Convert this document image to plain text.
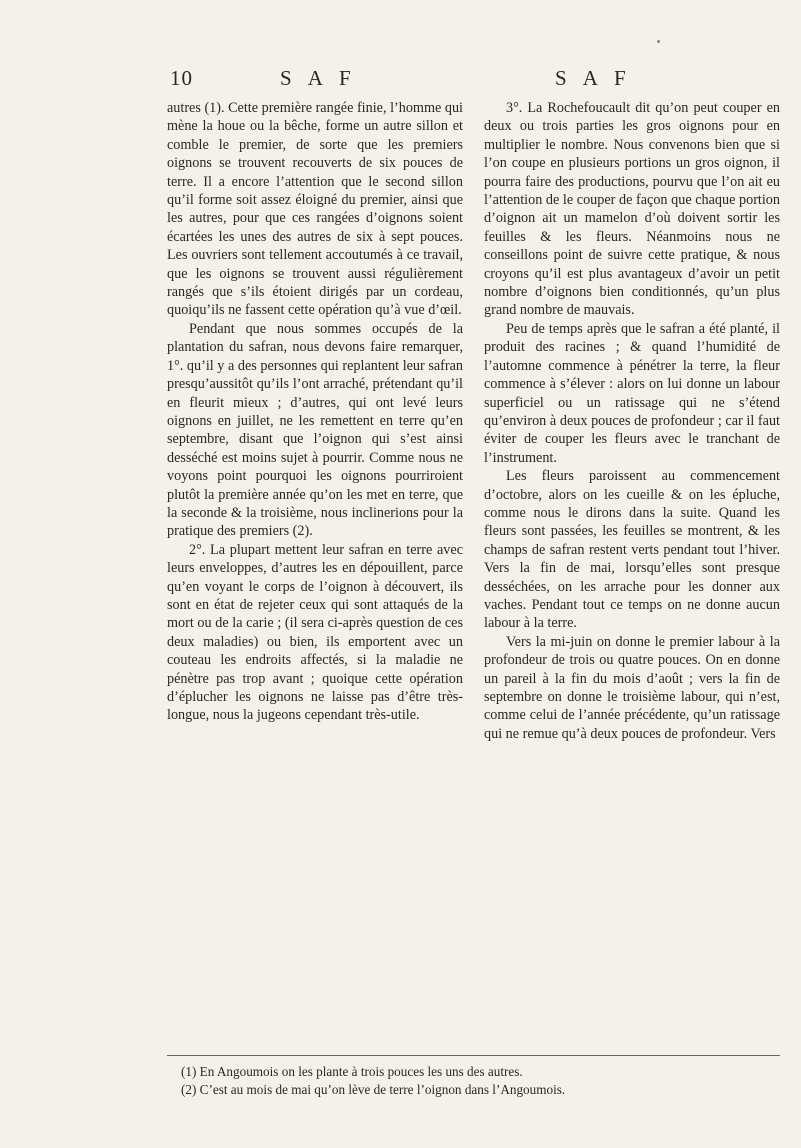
10	S A F	S A F

autres (1). Cette première rangée finie, l’homme qui mène la houe ou la bêche, forme un autre sillon et comble le premier, de sorte que les premiers oignons se trouvent recouverts de six pouces de terre. Il a encore l’attention que le second sillon qu’il forme soit assez éloigné du premier, ainsi que les autres, pour que ces rangées d’oignons soient écartées les unes des autres de six à sept pouces. Les ouvriers sont tellement accoutumés à ce travail, que les oignons se trouvent aussi régulièrement rangés que s’ils étoient dirigés par un cordeau, quoiqu’ils ne fassent cette opération qu’à vue d’œil.

Pendant que nous sommes occupés de la plantation du safran, nous devons faire remarquer, 1°. qu’il y a des personnes qui replantent leur safran presqu’aussitôt qu’ils l’ont arraché, prétendant qu’il en fleurit mieux ; d’autres, qui ont levé leurs oignons en juillet, ne les remettent en terre qu’en septembre, disant que l’oignon qui s’est ainsi desséché est moins sujet à pourrir. Comme nous ne voyons point pourquoi les oignons pourriroient plutôt la première année qu’on les met en terre, que la seconde & la troisième, nous inclinerions pour la pratique des premiers (2).

2°. La plupart mettent leur safran en terre avec leurs enveloppes, d’autres les en dépouillent, parce qu’en voyant le corps de l’oignon à découvert, ils sont en état de rejeter ceux qui sont attaqués de la mort ou de la carie ; (il sera ci-après question de ces deux maladies) ou bien, ils emportent avec un couteau les endroits affectés, si la maladie ne pénètre pas trop avant ; quoique cette opération d’éplucher les oignons ne laisse pas d’être très-longue, nous la jugeons cependant très-utile.

3°. La Rochefoucault dit qu’on peut couper en deux ou trois parties les gros oignons pour en multiplier le nombre. Nous convenons bien que si l’on coupe en plusieurs portions un gros oignon, il pourra faire des productions, pourvu que l’on ait eu l’attention de le couper de façon que chaque portion d’oignon ait un mamelon d’où doivent sortir les feuilles & les fleurs. Néanmoins nous ne conseillons point de suivre cette pratique, & nous croyons qu’il est plus avantageux d’avoir un petit nombre d’oignons bien conditionnés, qu’un plus grand nombre de mauvais.

Peu de temps après que le safran a été planté, il produit des racines ; & quand l’humidité de l’automne commence à pénétrer la terre, la fleur commence à s’élever : alors on lui donne un labour superficiel ou un ratissage qui ne s’étend qu’environ à deux pouces de profondeur ; car il faut éviter de couper les fleurs avec le tranchant de l’instrument.

Les fleurs paroissent au commencement d’octobre, alors on les cueille & on les épluche, comme nous le dirons dans la suite. Quand les fleurs sont passées, les feuilles se montrent, & les champs de safran restent verts pendant tout l’hiver. Vers la fin de mai, lorsqu’elles sont presque desséchées, on les arrache pour les donner aux vaches. Pendant tout ce temps on ne donne aucun labour à la terre.

Vers la mi-juin on donne le premier labour à la profondeur de trois ou quatre pouces. On en donne un pareil à la fin du mois d’août ; vers la fin de septembre on donne le troisième labour, qui n’est, comme celui de l’année précédente, qu’un ratissage qui ne remue qu’à deux pouces de profondeur. Vers

(1) En Angoumois on les plante à trois pouces les uns des autres.
(2) C’est au mois de mai qu’on lève de terre l’oignon dans l’Angoumois.
